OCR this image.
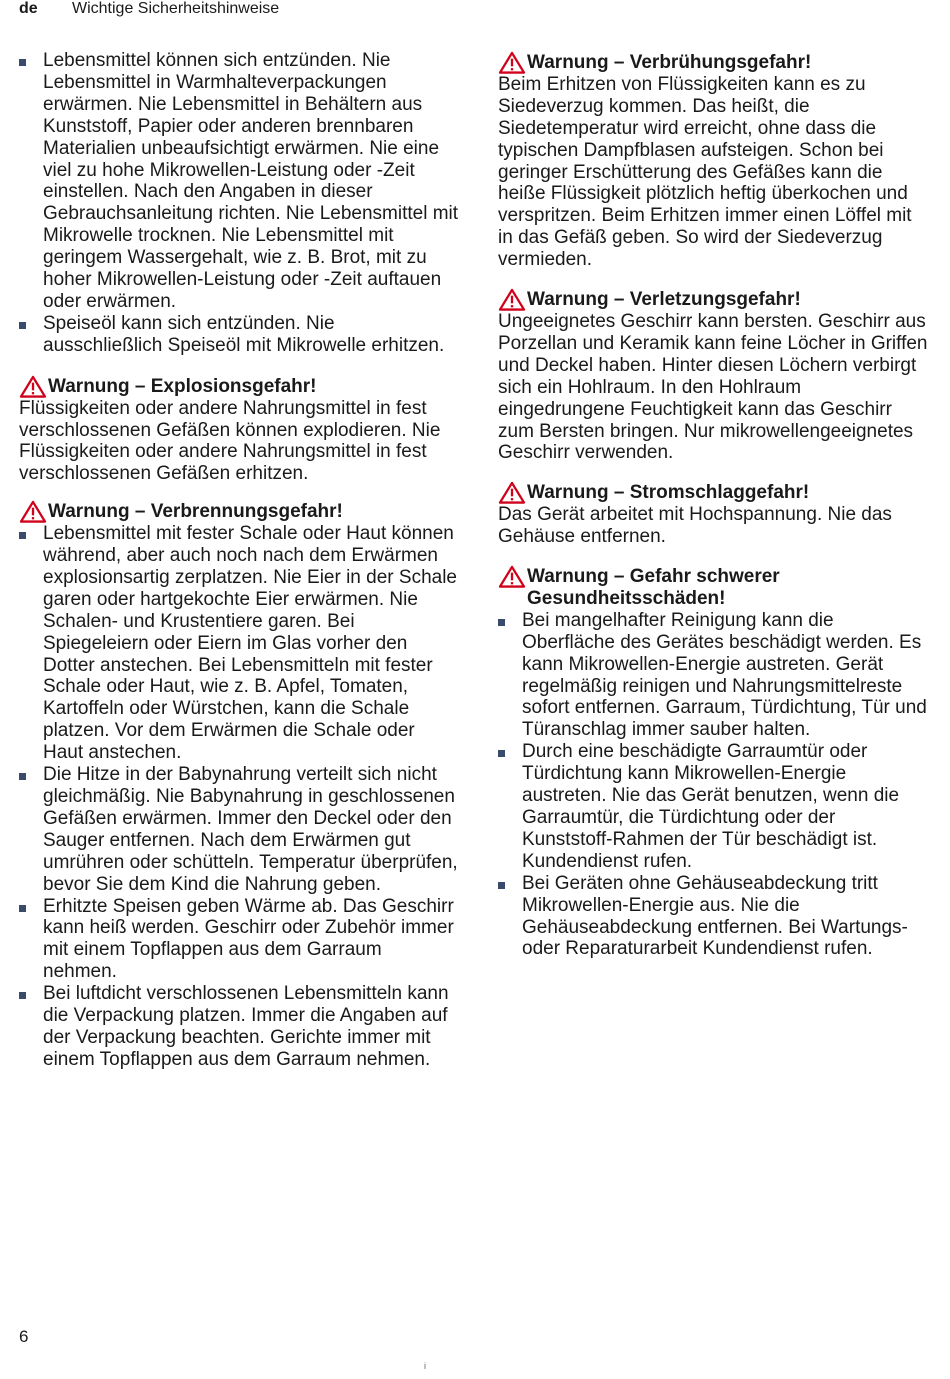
de Wichtige Sicherheitshinweise
Lebensmittel können sich entzünden. Nie Lebensmittel in Warmhalteverpackungen erwärmen. Nie Lebensmittel in Behältern aus Kunststoff, Papier oder anderen brennbaren Materialien unbeaufsichtigt erwärmen. Nie eine viel zu hohe Mikrowellen-Leistung oder -Zeit einstellen. Nach den Angaben in dieser Gebrauchsanleitung richten. Nie Lebensmittel mit Mikrowelle trocknen. Nie Lebensmittel mit geringem Wassergehalt, wie z. B. Brot, mit zu hoher Mikrowellen-Leistung oder -Zeit auftauen oder erwärmen.
Speiseöl kann sich entzünden. Nie ausschließlich Speiseöl mit Mikrowelle erhitzen.
Warnung – Explosionsgefahr!

Flüssigkeiten oder andere Nahrungsmittel in fest verschlossenen Gefäßen können explodieren. Nie Flüssigkeiten oder andere Nahrungsmittel in fest verschlossenen Gefäßen erhitzen.

Warnung – Verbrennungsgefahr!
Lebensmittel mit fester Schale oder Haut können während, aber auch noch nach dem Erwärmen explosionsartig zerplatzen. Nie Eier in der Schale garen oder hartgekochte Eier erwärmen. Nie Schalen- und Krustentiere garen. Bei Spiegeleiern oder Eiern im Glas vorher den Dotter anstechen. Bei Lebensmitteln mit fester Schale oder Haut, wie z. B. Apfel, Tomaten, Kartoffeln oder Würstchen, kann die Schale platzen. Vor dem Erwärmen die Schale oder Haut anstechen.
Die Hitze in der Babynahrung verteilt sich nicht gleichmäßig. Nie Babynahrung in geschlossenen Gefäßen erwärmen. Immer den Deckel oder den Sauger entfernen. Nach dem Erwärmen gut umrühren oder schütteln. Temperatur überprüfen, bevor Sie dem Kind die Nahrung geben.
Erhitzte Speisen geben Wärme ab. Das Geschirr kann heiß werden. Geschirr oder Zubehör immer mit einem Topflappen aus dem Garraum nehmen.
Bei luftdicht verschlossenen Lebensmitteln kann die Verpackung platzen. Immer die Angaben auf der Verpackung beachten. Gerichte immer mit einem Topflappen aus dem Garraum nehmen.
Warnung – Verbrühungsgefahr!

Beim Erhitzen von Flüssigkeiten kann es zu Siedeverzug kommen. Das heißt, die Siedetemperatur wird erreicht, ohne dass die typischen Dampfblasen aufsteigen. Schon bei geringer Erschütterung des Gefäßes kann die heiße Flüssigkeit plötzlich heftig überkochen und verspritzen. Beim Erhitzen immer einen Löffel mit in das Gefäß geben. So wird der Siedeverzug vermieden.

Warnung – Verletzungsgefahr!

Ungeeignetes Geschirr kann bersten. Geschirr aus Porzellan und Keramik kann feine Löcher in Griffen und Deckel haben. Hinter diesen Löchern verbirgt sich ein Hohlraum. In den Hohlraum eingedrungene Feuchtigkeit kann das Geschirr zum Bersten bringen. Nur mikrowellengeeignetes Geschirr verwenden.

Warnung – Stromschlaggefahr!

Das Gerät arbeitet mit Hochspannung. Nie das Gehäuse entfernen.

Warnung – Gefahr schwerer Gesundheitsschäden!
Bei mangelhafter Reinigung kann die Oberfläche des Gerätes beschädigt werden. Es kann Mikrowellen-Energie austreten. Gerät regelmäßig reinigen und Nahrungsmittelreste sofort entfernen. Garraum, Türdichtung, Tür und Türanschlag immer sauber halten.
Durch eine beschädigte Garraumtür oder Türdichtung kann Mikrowellen-Energie austreten. Nie das Gerät benutzen, wenn die Garraumtür, die Türdichtung oder der Kunststoff-Rahmen der Tür beschädigt ist. Kundendienst rufen.
Bei Geräten ohne Gehäuseabdeckung tritt Mikrowellen-Energie aus. Nie die Gehäuseabdeckung entfernen. Bei Wartungs- oder Reparaturarbeit Kundendienst rufen.
6
i
